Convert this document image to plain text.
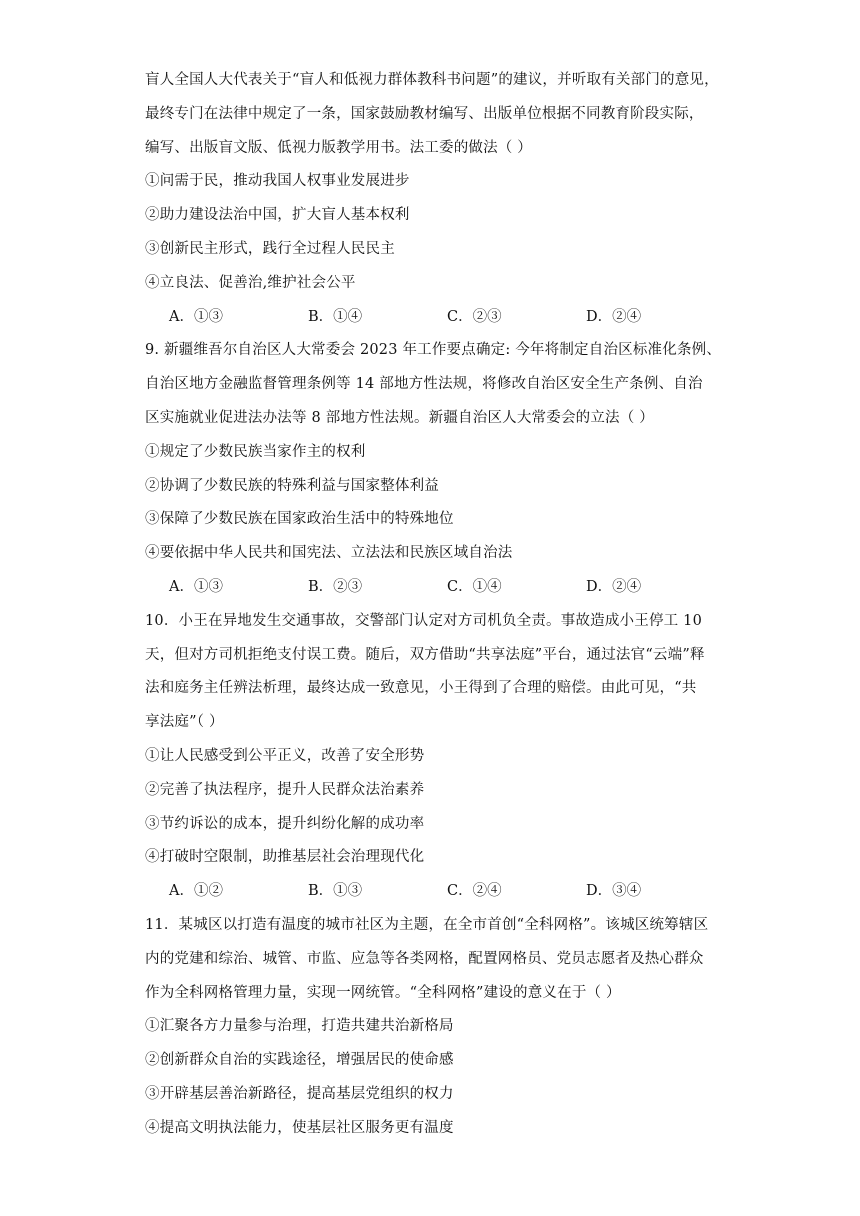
盲人全国人大代表关于“盲人和低视力群体教科书问题”的建议，并听取有关部门的意见，
最终专门在法律中规定了一条，国家鼓励教材编写、出版单位根据不同教育阶段实际，
编写、出版盲文版、低视力版教学用书。法工委的做法（ ）
①问需于民，推动我国人权事业发展进步
②助力建设法治中国，扩大盲人基本权利
③创新民主形式，践行全过程人民民主
④立良法、促善治,维护社会公平
A．①③	B．①④	C．②③	D．②④
9. 新疆维吾尔自治区人大常委会 2023 年工作要点确定: 今年将制定自治区标准化条例、
自治区地方金融监督管理条例等 14 部地方性法规，将修改自治区安全生产条例、自治
区实施就业促进法办法等 8 部地方性法规。新疆自治区人大常委会的立法（ ）
①规定了少数民族当家作主的权利
②协调了少数民族的特殊利益与国家整体利益
③保障了少数民族在国家政治生活中的特殊地位
④要依据中华人民共和国宪法、立法法和民族区域自治法
A．①③	B．②③	C．①④	D．②④
10．小王在异地发生交通事故，交警部门认定对方司机负全责。事故造成小王停工 10
天，但对方司机拒绝支付误工费。随后，双方借助“共享法庭”平台，通过法官“云端”释
法和庭务主任辨法析理，最终达成一致意见，小王得到了合理的赔偿。由此可见，“共
享法庭”（ ）
①让人民感受到公平正义，改善了安全形势
②完善了执法程序，提升人民群众法治素养
③节约诉讼的成本，提升纠纷化解的成功率
④打破时空限制，助推基层社会治理现代化
A．①②	B．①③	C．②④	D．③④
11．某城区以打造有温度的城市社区为主题，在全市首创“全科网格”。该城区统筹辖区
内的党建和综治、城管、市监、应急等各类网格，配置网格员、党员志愿者及热心群众
作为全科网格管理力量，实现一网统管。“全科网格”建设的意义在于（ ）
①汇聚各方力量参与治理，打造共建共治新格局
②创新群众自治的实践途径，增强居民的使命感
③开辟基层善治新路径，提高基层党组织的权力
④提高文明执法能力，使基层社区服务更有温度
